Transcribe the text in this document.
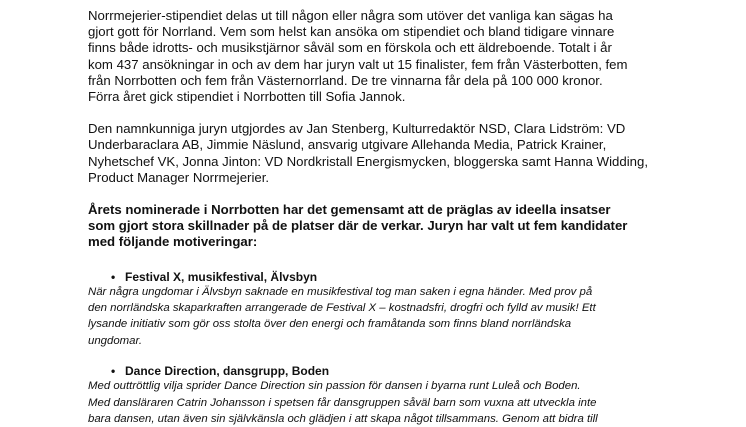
Norrmejerier-stipendiet delas ut till någon eller några som utöver det vanliga kan sägas ha
gjort gott för Norrland. Vem som helst kan ansöka om stipendiet och bland tidigare vinnare
finns både idrotts- och musikstjärnor såväl som en förskola och ett äldreboende. Totalt i år
kom 437 ansökningar in och av dem har juryn valt ut 15 finalister, fem från Västerbotten, fem
från Norrbotten och fem från Västernorrland. De tre vinnarna får dela på 100 000 kronor.
Förra året gick stipendiet i Norrbotten till Sofia Jannok.

Den namnkunniga juryn utgjordes av Jan Stenberg, Kulturredaktör NSD, Clara Lidström: VD
Underbaraclara AB, Jimmie Näslund, ansvarig utgivare Allehanda Media, Patrick Krainer,
Nyhetschef VK, Jonna Jinton: VD Nordkristall Energismycken, bloggerska samt Hanna Widding,
Product Manager Norrmejerier.

Årets nominerade i Norrbotten har det gemensamt att de präglas av ideella insatser
som gjort stora skillnader på de platser där de verkar. Juryn har valt ut fem kandidater
med följande motiveringar:

• Festival X, musikfestival, Älvsbyn

När några ungdomar i Älvsbyn saknade en musikfestival tog man saken i egna händer. Med prov på
den norrländska skaparkraften arrangerade de Festival X – kostnadsfri, drogfri och fylld av musik! Ett
lysande initiativ som gör oss stolta över den energi och framåtanda som finns bland norrländska
ungdomar.

• Dance Direction, dansgrupp, Boden

Med outtröttlig vilja sprider Dance Direction sin passion för dansen i byarna runt Luleå och Boden.
Med dansläraren Catrin Johansson i spetsen får dansgruppen såväl barn som vuxna att utveckla inte
bara dansen, utan även sin självkänsla och glädjen i att skapa något tillsammans. Genom att bidra till
